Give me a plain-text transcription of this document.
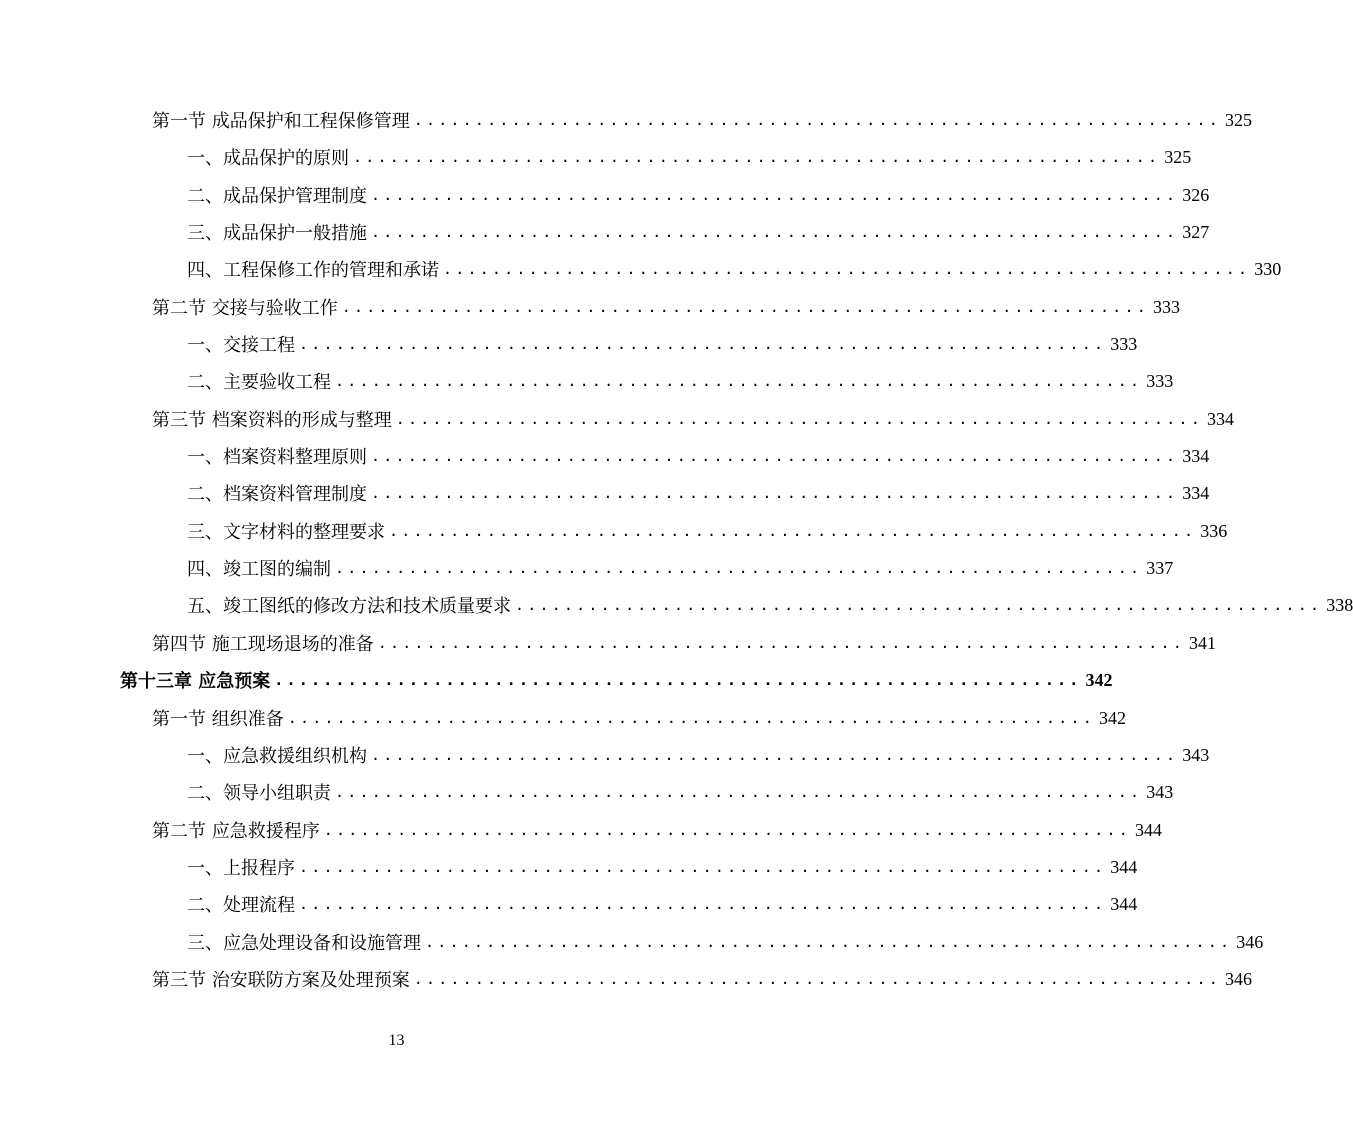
第一节 成品保护和工程保修管理 .................................................................. 325
一、成品保护的原则 .................................................................. 325
二、成品保护管理制度 .................................................................. 326
三、成品保护一般措施 .................................................................. 327
四、工程保修工作的管理和承诺 .................................................................. 330
第二节 交接与验收工作 .................................................................. 333
一、交接工程 .................................................................. 333
二、主要验收工程 .................................................................. 333
第三节 档案资料的形成与整理 .................................................................. 334
一、档案资料整理原则 .................................................................. 334
二、档案资料管理制度 .................................................................. 334
三、文字材料的整理要求 .................................................................. 336
四、竣工图的编制 .................................................................. 337
五、竣工图纸的修改方法和技术质量要求 .................................................................. 338
第四节 施工现场退场的准备 .................................................................. 341
第十三章 应急预案 .................................................................. 342
第一节 组织准备 .................................................................. 342
一、应急救援组织机构 .................................................................. 343
二、领导小组职责 .................................................................. 343
第二节 应急救援程序 .................................................................. 344
一、上报程序 .................................................................. 344
二、处理流程 .................................................................. 344
三、应急处理设备和设施管理 .................................................................. 346
第三节 治安联防方案及处理预案 .................................................................. 346
13
